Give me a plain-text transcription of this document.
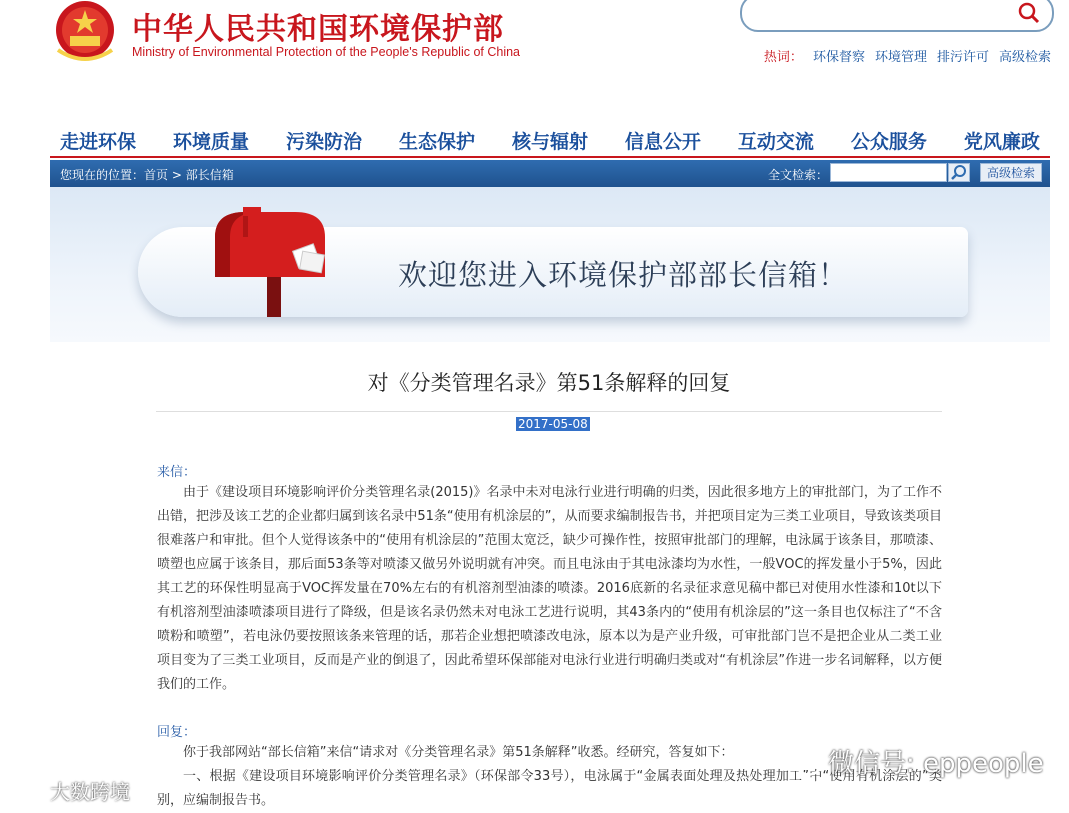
中华人民共和国环境保护部
Ministry of Environmental Protection of the People's Republic of China	热词： 环保督察 环境管理 排污许可 高级检索
走进环保 环境质量 污染防治 生态保护 核与辐射 信息公开 互动交流 公众服务 党风廉政
您现在的位置：首页 > 部长信箱	全文检索：	高级检索
欢迎您进入环境保护部部长信箱！
对《分类管理名录》第51条解释的回复
2017-05-08
来信：
由于《建设项目环境影响评价分类管理名录(2015)》名录中未对电泳行业进行明确的归类，因此很多地方上的审批部门，为了工作不出错，把涉及该工艺的企业都归属到该名录中51条“使用有机涂层的”，从而要求编制报告书，并把项目定为三类工业项目，导致该类项目很难落户和审批。但个人觉得该条中的“使用有机涂层的”范围太宽泛，缺少可操作性，按照审批部门的理解，电泳属于该条目，那喷漆、喷塑也应属于该条目，那后面53条等对喷漆又做另外说明就有冲突。而且电泳由于其电泳漆均为水性，一般VOC的挥发量小于5%，因此其工艺的环保性明显高于VOC挥发量在70%左右的有机溶剂型油漆的喷漆。2016底新的名录征求意见稿中都已对使用水性漆和10t以下有机溶剂型油漆喷漆项目进行了降级，但是该名录仍然未对电泳工艺进行说明，其43条内的“使用有机涂层的”这一条目也仅标注了“不含喷粉和喷塑”，若电泳仍要按照该条来管理的话，那若企业想把喷漆改电泳，原本以为是产业升级，可审批部门岂不是把企业从二类工业项目变为了三类工业项目，反而是产业的倒退了，因此希望环保部能对电泳行业进行明确归类或对“有机涂层”作进一步名词解释，以方便我们的工作。
回复：
你于我部网站“部长信箱”来信“请求对《分类管理名录》第51条解释”收悉。经研究，答复如下：
一、根据《建设项目环境影响评价分类管理名录》（环保部令33号），电泳属于“金属表面处理及热处理加工”中“使用有机涂层的”类别，应编制报告书。
微信号: eppeople
大数跨境
